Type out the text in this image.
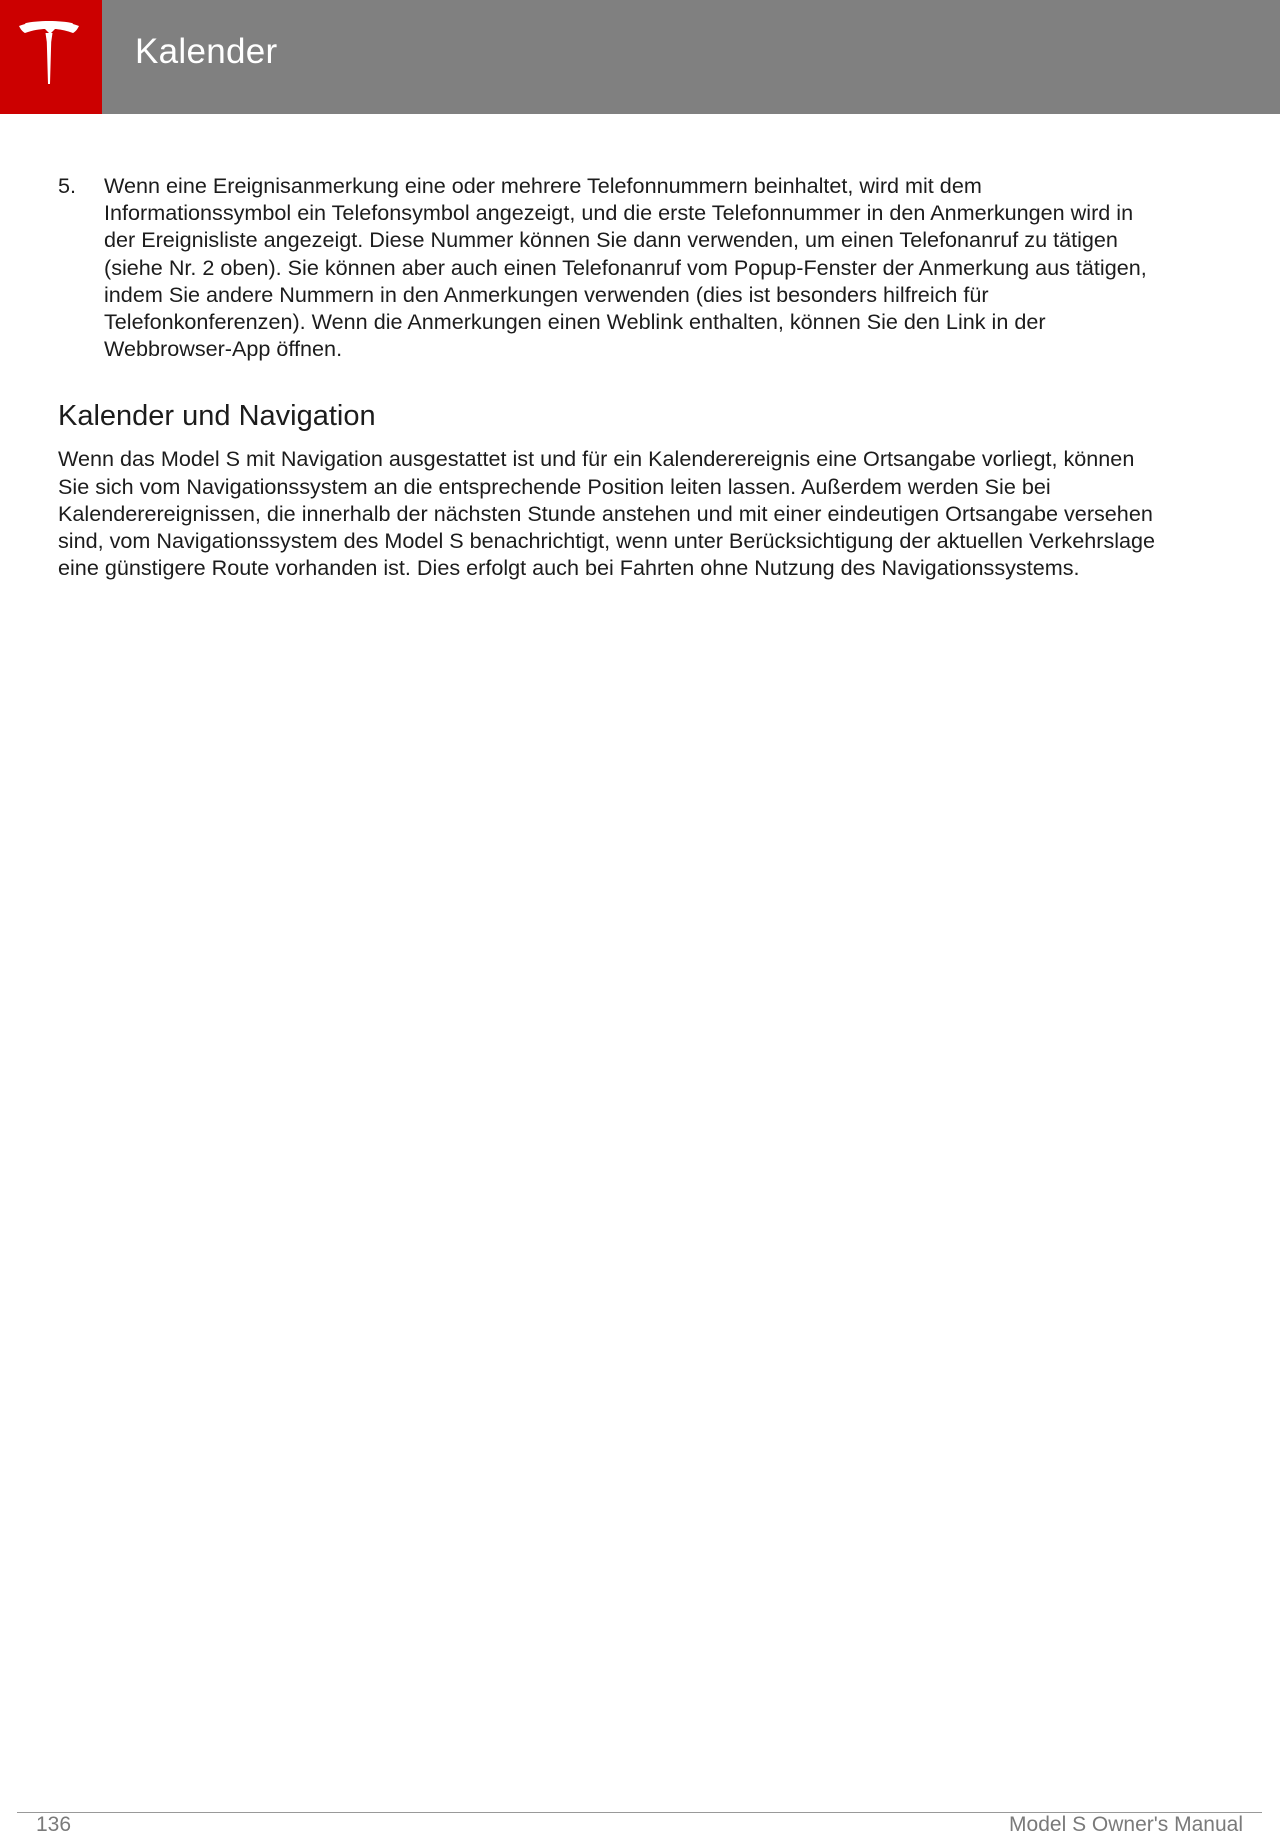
Kalender
5. Wenn eine Ereignisanmerkung eine oder mehrere Telefonnummern beinhaltet, wird mit dem Informationssymbol ein Telefonsymbol angezeigt, und die erste Telefonnummer in den Anmerkungen wird in der Ereignisliste angezeigt. Diese Nummer können Sie dann verwenden, um einen Telefonanruf zu tätigen (siehe Nr. 2 oben). Sie können aber auch einen Telefonanruf vom Popup-Fenster der Anmerkung aus tätigen, indem Sie andere Nummern in den Anmerkungen verwenden (dies ist besonders hilfreich für Telefonkonferenzen). Wenn die Anmerkungen einen Weblink enthalten, können Sie den Link in der Webbrowser-App öffnen.
Kalender und Navigation
Wenn das Model S mit Navigation ausgestattet ist und für ein Kalenderereignis eine Ortsangabe vorliegt, können Sie sich vom Navigationssystem an die entsprechende Position leiten lassen. Außerdem werden Sie bei Kalenderereignissen, die innerhalb der nächsten Stunde anstehen und mit einer eindeutigen Ortsangabe versehen sind, vom Navigationssystem des Model S benachrichtigt, wenn unter Berücksichtigung der aktuellen Verkehrslage eine günstigere Route vorhanden ist. Dies erfolgt auch bei Fahrten ohne Nutzung des Navigationssystems.
136	Model S Owner's Manual
